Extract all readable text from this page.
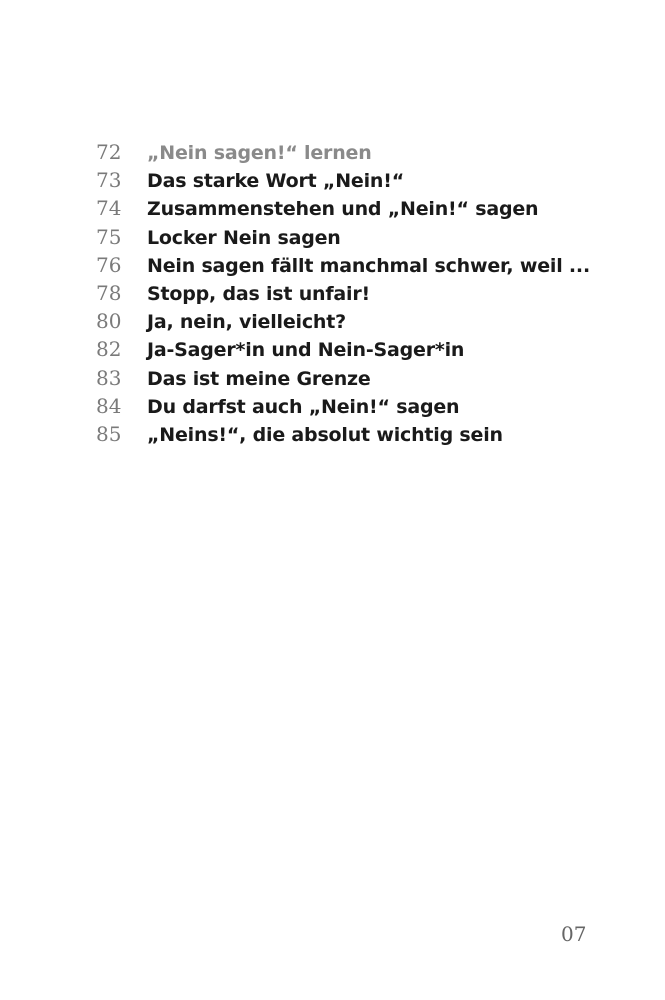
72	„Nein sagen!“ lernen
73	Das starke Wort „Nein!“
74	Zusammenstehen und „Nein!“ sagen
75	Locker Nein sagen
76	Nein sagen fällt manchmal schwer, weil ...
78	Stopp, das ist unfair!
80	Ja, nein, vielleicht?
82	Ja-Sager*in und Nein-Sager*in
83	Das ist meine Grenze
84	Du darfst auch „Nein!“ sagen
85	„Neins!“, die absolut wichtig sein
07
